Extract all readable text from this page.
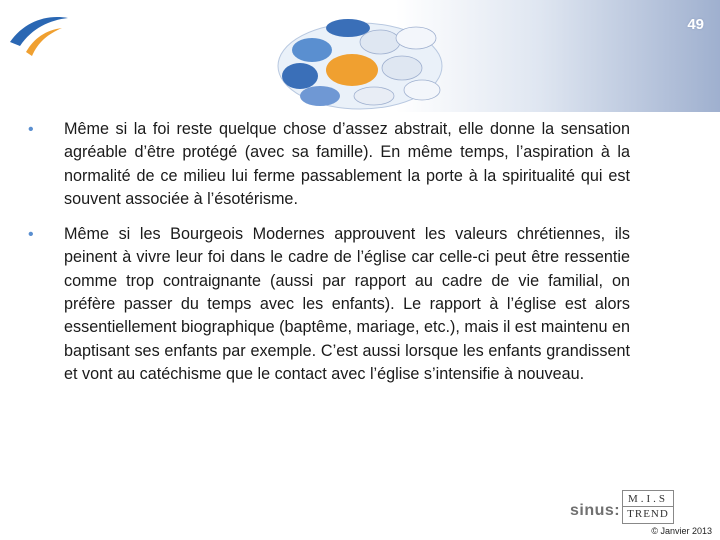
49
• Même si la foi reste quelque chose d’assez abstrait, elle donne la sensation agréable d’être protégé (avec sa famille). En même temps, l’aspiration à la normalité de ce milieu lui ferme passablement la porte à la spiritualité qui est souvent associée à l’ésotérisme.
• Même si les Bourgeois Modernes approuvent les valeurs chrétiennes, ils peinent à vivre leur foi dans le cadre de l’église car celle-ci peut être ressentie comme trop contraignante (aussi par rapport au cadre de vie familial, on préfère passer du temps avec les enfants). Le rapport à l’église est alors essentiellement biographique (baptême, mariage, etc.), mais il est maintenu en baptisant ses enfants par exemple. C’est aussi lorsque les enfants grandissent et vont au catéchisme que le contact avec l’église s’intensifie à nouveau.
sinus:
M.I.S
TREND
© Janvier 2013
